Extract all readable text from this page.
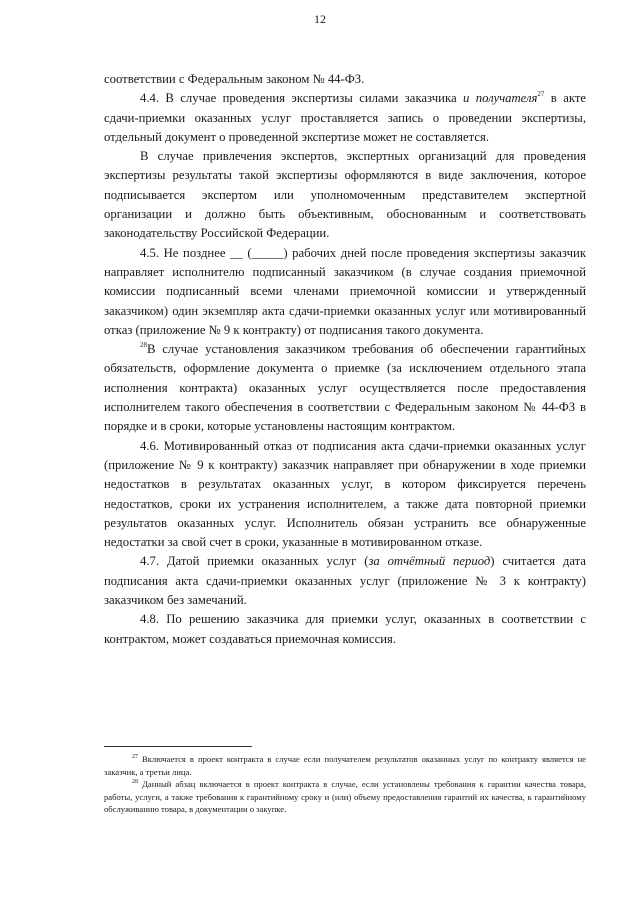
12

соответствии с Федеральным законом № 44-ФЗ.

4.4. В случае проведения экспертизы силами заказчика и получателя$^{27}$ в акте сдачи-приемки оказанных услуг проставляется запись о проведении экспертизы, отдельный документ о проведенной экспертизе может не составляется.

В случае привлечения экспертов, экспертных организаций для проведения экспертизы результаты такой экспертизы оформляются в виде заключения, которое подписывается экспертом или уполномоченным представителем экспертной организации и должно быть объективным, обоснованным и соответствовать законодательству Российской Федерации.

4.5. Не позднее __ (_____) рабочих дней после проведения экспертизы заказчик направляет исполнителю подписанный заказчиком (в случае создания приемочной комиссии подписанный всеми членами приемочной комиссии и утвержденный заказчиком) один экземпляр акта сдачи-приемки оказанных услуг или мотивированный отказ (приложение № 9 к контракту) от подписания такого документа.

$^{28}$В случае установления заказчиком требования об обеспечении гарантийных обязательств, оформление документа о приемке (за исключением отдельного этапа исполнения контракта) оказанных услуг осуществляется после предоставления исполнителем такого обеспечения в соответствии с Федеральным законом № 44-ФЗ в порядке и в сроки, которые установлены настоящим контрактом.

4.6. Мотивированный отказ от подписания акта сдачи-приемки оказанных услуг (приложение № 9 к контракту) заказчик направляет при обнаружении в ходе приемки недостатков в результатах оказанных услуг, в котором фиксируется перечень недостатков, сроки их устранения исполнителем, а также дата повторной приемки результатов оказанных услуг. Исполнитель обязан устранить все обнаруженные недостатки за свой счет в сроки, указанные в мотивированном отказе.

4.7. Датой приемки оказанных услуг (за отчётный период) считается дата подписания акта сдачи-приемки оказанных услуг (приложение № 3 к контракту) заказчиком без замечаний.

4.8. По решению заказчика для приемки услуг, оказанных в соответствии с контрактом, может создаваться приемочная комиссия.

$^{27}$ Включается в проект контракта в случае если получателем результатов оказанных услуг по контракту является не заказчик, а третьи лица.

$^{28}$ Данный абзац включается в проект контракта в случае, если установлены требования к гарантии качества товара, работы, услуги, а также требования к гарантийному сроку и (или) объему предоставления гарантий их качества, к гарантийному обслуживанию товара, в документации о закупке.
